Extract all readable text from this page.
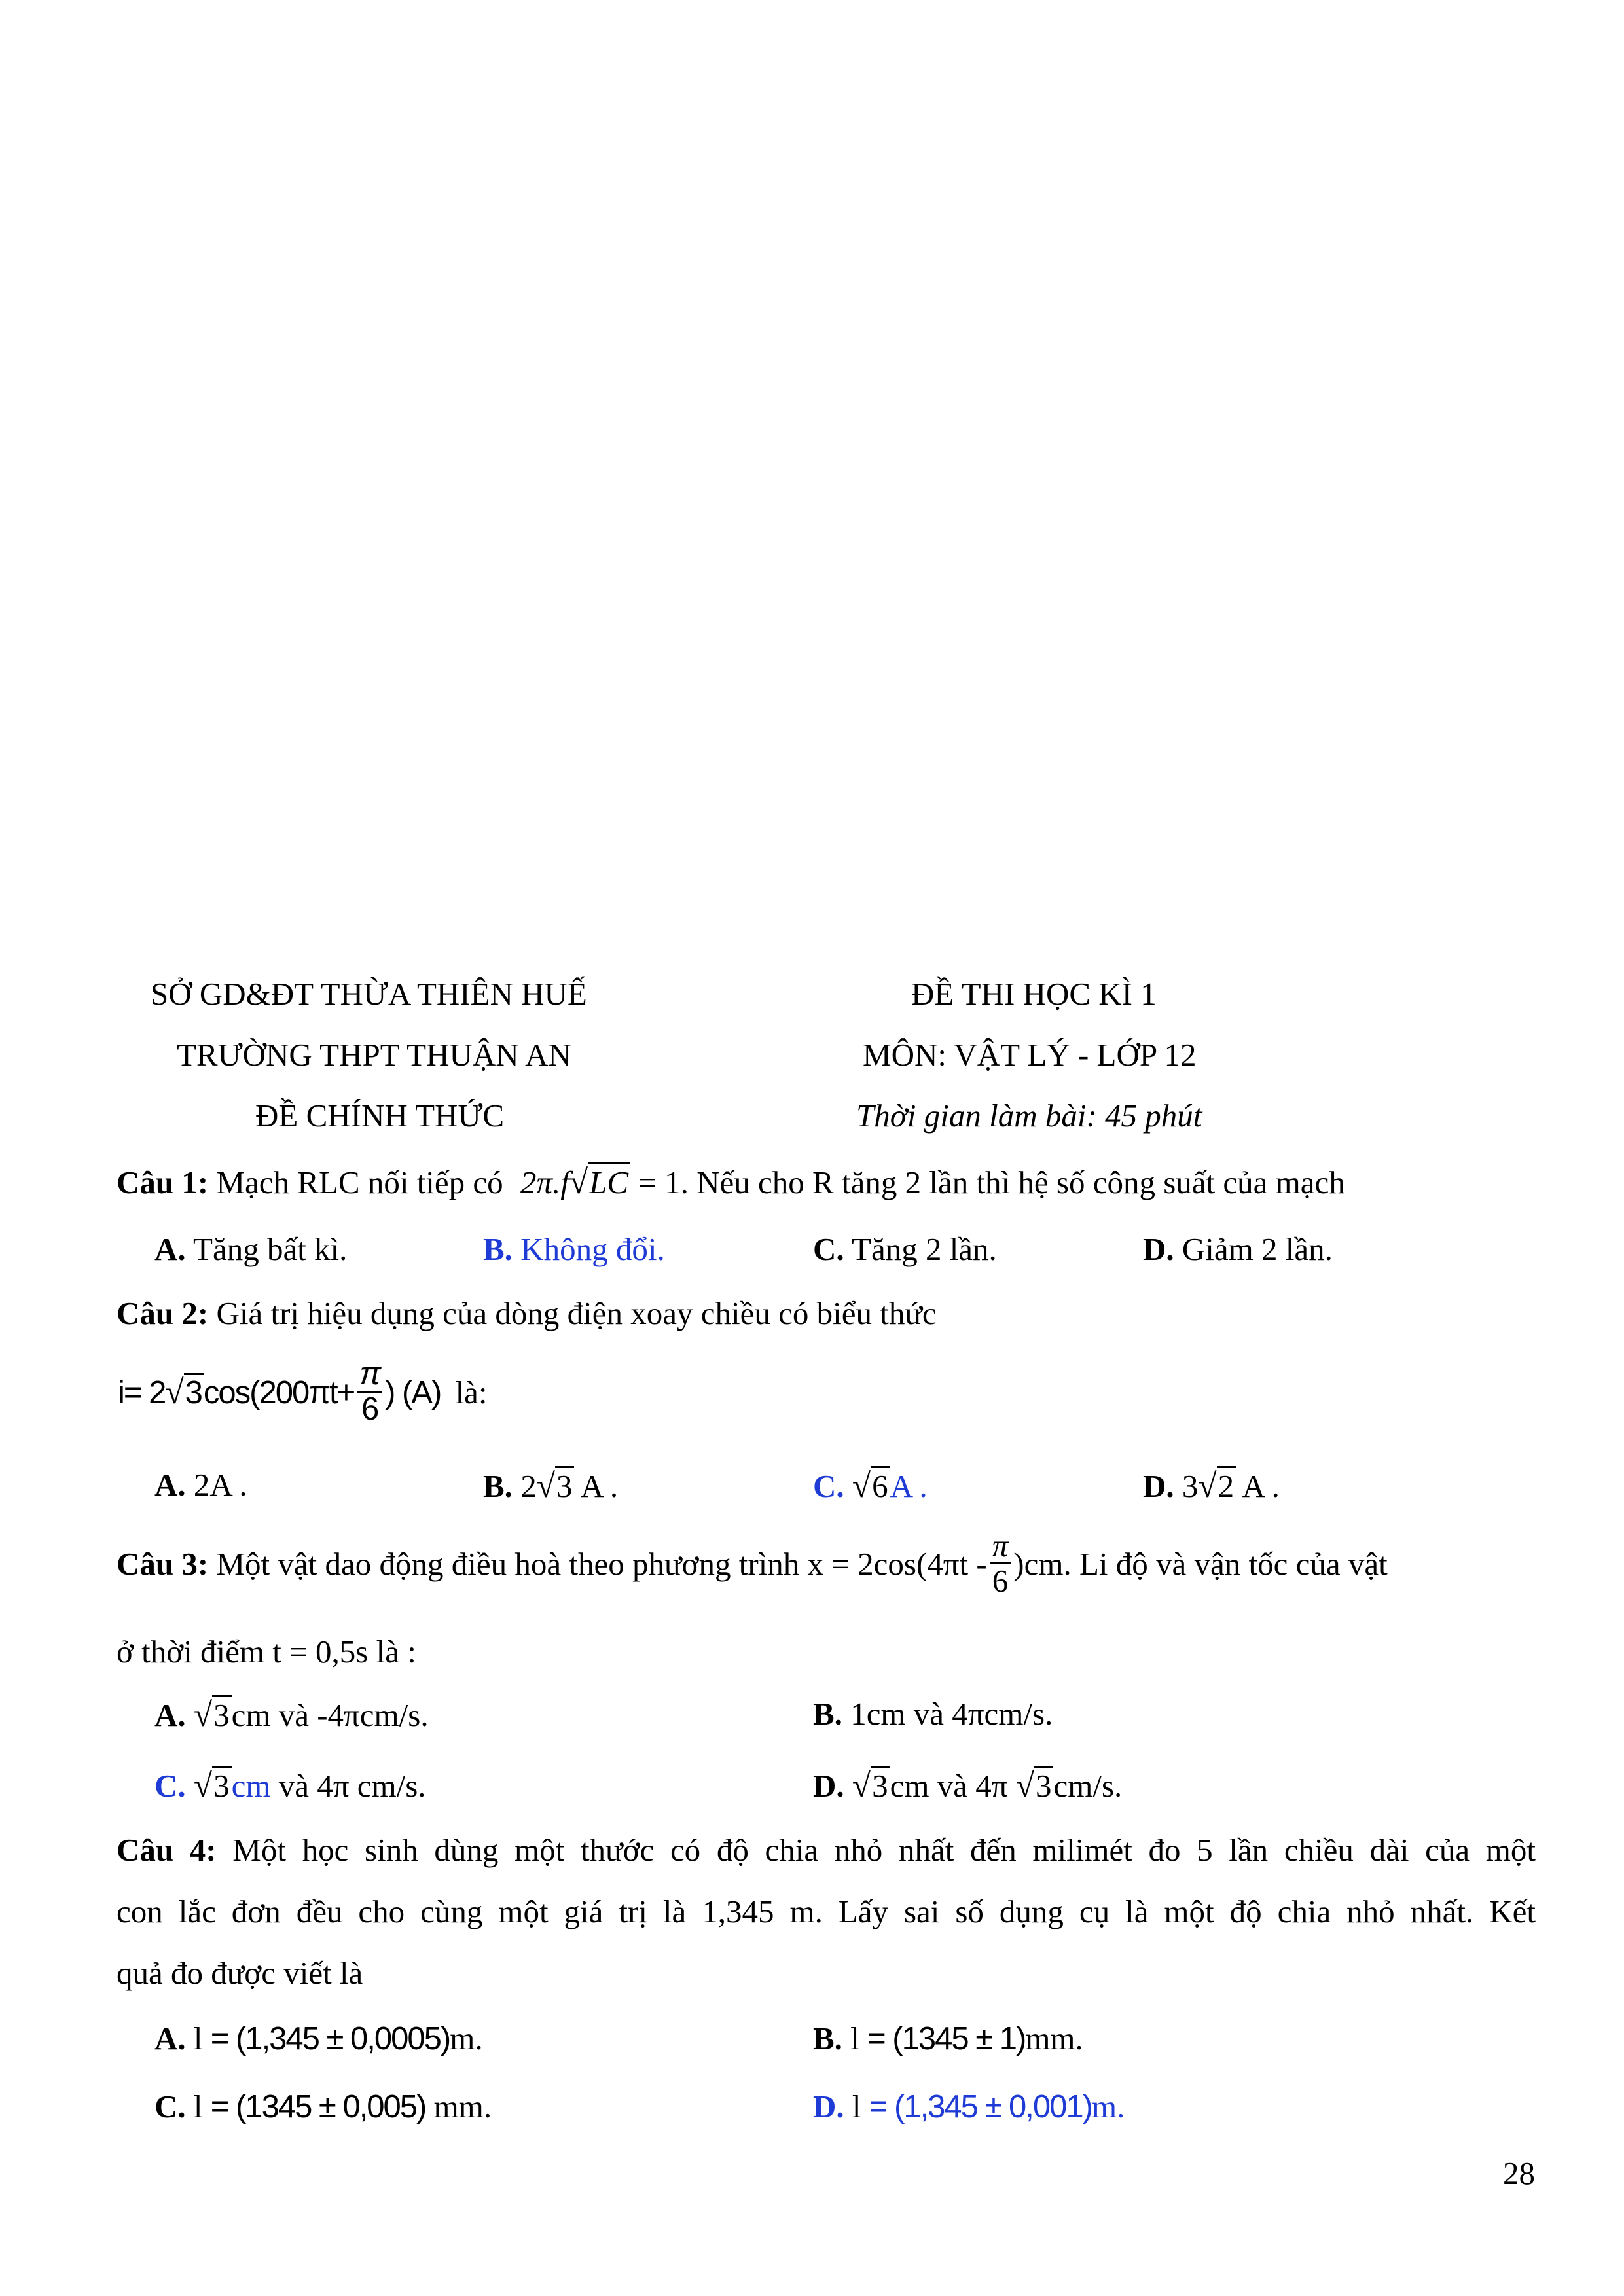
SỞ GD&ĐT THỪA THIÊN HUẾ
TRƯỜNG THPT THUẬN AN
ĐỀ CHÍNH THỨC
ĐỀ THI HỌC KÌ 1
MÔN: VẬT LÝ - LỚP 12
Thời gian làm bài: 45 phút
Câu 1: Mạch RLC nối tiếp có 2π.f√LC = 1. Nếu cho R tăng 2 lần thì hệ số công suất của mạch
A. Tăng bất kì.	B. Không đổi.	C. Tăng 2 lần.	D. Giảm 2 lần.
Câu 2: Giá trị hiệu dụng của dòng điện xoay chiều có biểu thức
$i= 2√3\cos(200\pi t+ \frac{\pi}{6}$ ) (A) là:
A. 2A .	B. 2√3 A .	C. √6A .	D. 3√2 A .
Câu 3: Một vật dao động điều hoà theo phương trình $x = 2\cos(4\pi t - \frac{\pi}{6} )cm$. Li độ và vận tốc của vật
ở thời điểm t = 0,5s là :
A. √3cm và -4πcm/s.	B. 1cm và 4πcm/s.
C. √3cm và 4π cm/s.	D. √3cm và 4π √3cm/s.
Câu 4: Một học sinh dùng một thước có độ chia nhỏ nhất đến milimét đo 5 lần chiều dài của một
con lắc đơn đều cho cùng một giá trị là 1,345 m. Lấy sai số dụng cụ là một độ chia nhỏ nhất. Kết
quả đo được viết là
A. l = (1,345 ± 0,0005)m.	B. l = (1345 ± 1)mm.
C. l = (1345 ± 0,005) mm.	D. l = (1,345 ± 0,001)m.
28
